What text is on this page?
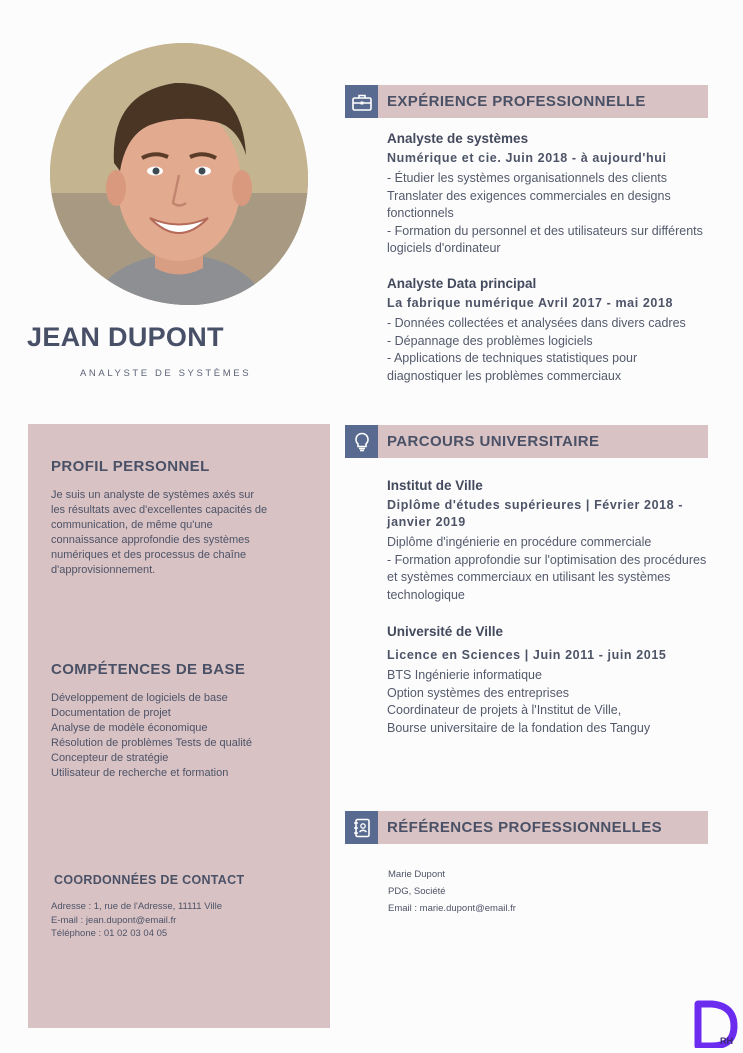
JEAN DUPONT
ANALYSTE DE SYSTÈMES
PROFIL PERSONNEL
Je suis un analyste de systèmes axés sur les résultats avec d'excellentes capacités de communication, de même qu'une connaissance approfondie des systèmes numériques et des processus de chaîne d'approvisionnement.
COMPÉTENCES DE BASE
Développement de logiciels de base
Documentation de projet
Analyse de modèle économique
Résolution de problèmes Tests de qualité
Concepteur de stratégie
Utilisateur de recherche et formation
COORDONNÉES DE CONTACT
Adresse : 1, rue de l'Adresse, 11111 Ville
E-mail : jean.dupont@email.fr
Téléphone : 01 02 03 04 05
EXPÉRIENCE PROFESSIONNELLE
Analyste de systèmes
Numérique et cie. Juin 2018 - à aujourd'hui
- Étudier les systèmes organisationnels des clients
Translater des exigences commerciales en designs fonctionnels
- Formation du personnel et des utilisateurs sur différents logiciels d'ordinateur
Analyste Data principal
La fabrique numérique Avril 2017 - mai 2018
- Données collectées et analysées dans divers cadres
- Dépannage des problèmes logiciels
- Applications de techniques statistiques pour diagnostiquer les problèmes commerciaux
PARCOURS UNIVERSITAIRE
Institut de Ville
Diplôme d'études supérieures | Février 2018 - janvier 2019
Diplôme d'ingénierie en procédure commerciale
- Formation approfondie sur l'optimisation des procédures et systèmes commerciaux en utilisant les systèmes technologique
Université de Ville
Licence en Sciences | Juin 2011 - juin 2015
BTS Ingénierie informatique
Option systèmes des entreprises
Coordinateur de projets à l'Institut de Ville,
Bourse universitaire de la fondation des Tanguy
RÉFÉRENCES PROFESSIONNELLES
Marie Dupont
PDG, Société
Email : marie.dupont@email.fr
RH
